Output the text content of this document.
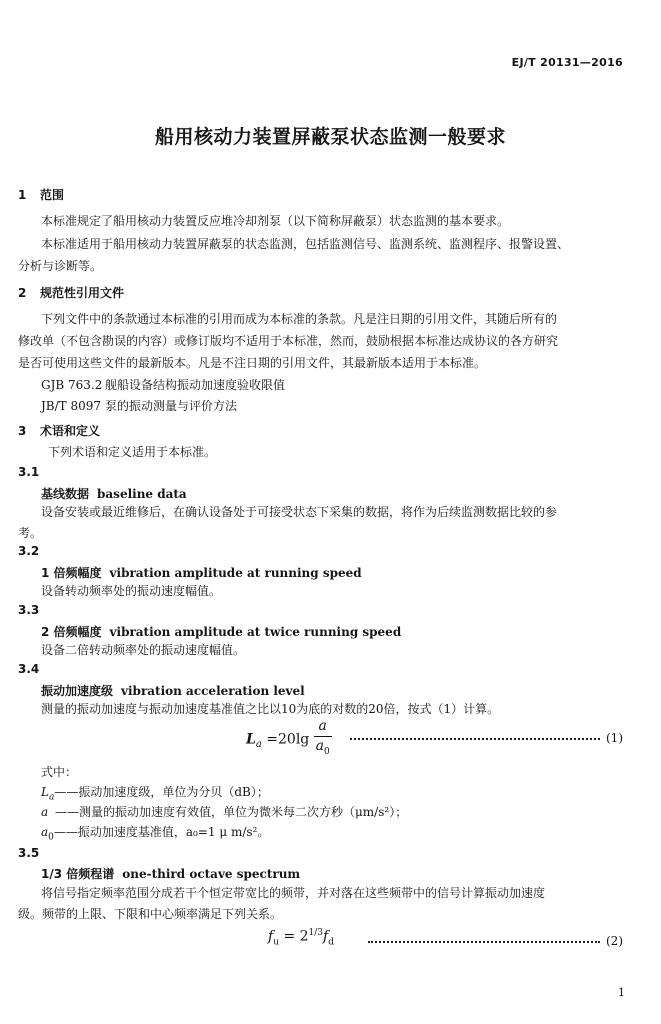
EJ/T 20131—2016
船用核动力装置屏蔽泵状态监测一般要求
1 范围
本标准规定了船用核动力装置反应堆冷却剂泵（以下简称屏蔽泵）状态监测的基本要求。
本标准适用于船用核动力装置屏蔽泵的状态监测，包括监测信号、监测系统、监测程序、报警设置、
分析与诊断等。
2 规范性引用文件
下列文件中的条款通过本标准的引用而成为本标准的条款。凡是注日期的引用文件，其随后所有的
修改单（不包含勘误的内容）或修订版均不适用于本标准，然而，鼓励根据本标准达成协议的各方研究
是否可使用这些文件的最新版本。凡是不注日期的引用文件，其最新版本适用于本标准。
GJB 763.2 舰船设备结构振动加速度验收限值
JB/T 8097 泵的振动测量与评价方法
3 术语和定义
下列术语和定义适用于本标准。
3.1
基线数据 baseline data
设备安装或最近维修后，在确认设备处于可接受状态下采集的数据，将作为后续监测数据比较的参
考。
3.2
1 倍频幅度 vibration amplitude at running speed
设备转动频率处的振动速度幅值。
3.3
2 倍频幅度 vibration amplitude at twice running speed
设备二倍转动频率处的振动速度幅值。
3.4
振动加速度级 vibration acceleration level
测量的振动加速度与振动加速度基准值之比以10为底的对数的20倍，按式（1）计算。
$L_a =20\lg$ a
$a_0$
(1)
式中：
$L_a——$振动加速度级，单位为分贝（dB）；
a ——测量的振动加速度有效值，单位为微米每二次方秒（μm/s²）；
$a_0——$振动加速度基准值，a₀=1 μ m/s²。
3.5
1/3 倍频程谱 one-third octave spectrum
将信号指定频率范围分成若干个恒定带宽比的频带，并对落在这些频带中的信号计算振动加速度
级。频带的上限、下限和中心频率满足下列关系。
$f_u = 2^{1/3}f_d$	(2)
1
